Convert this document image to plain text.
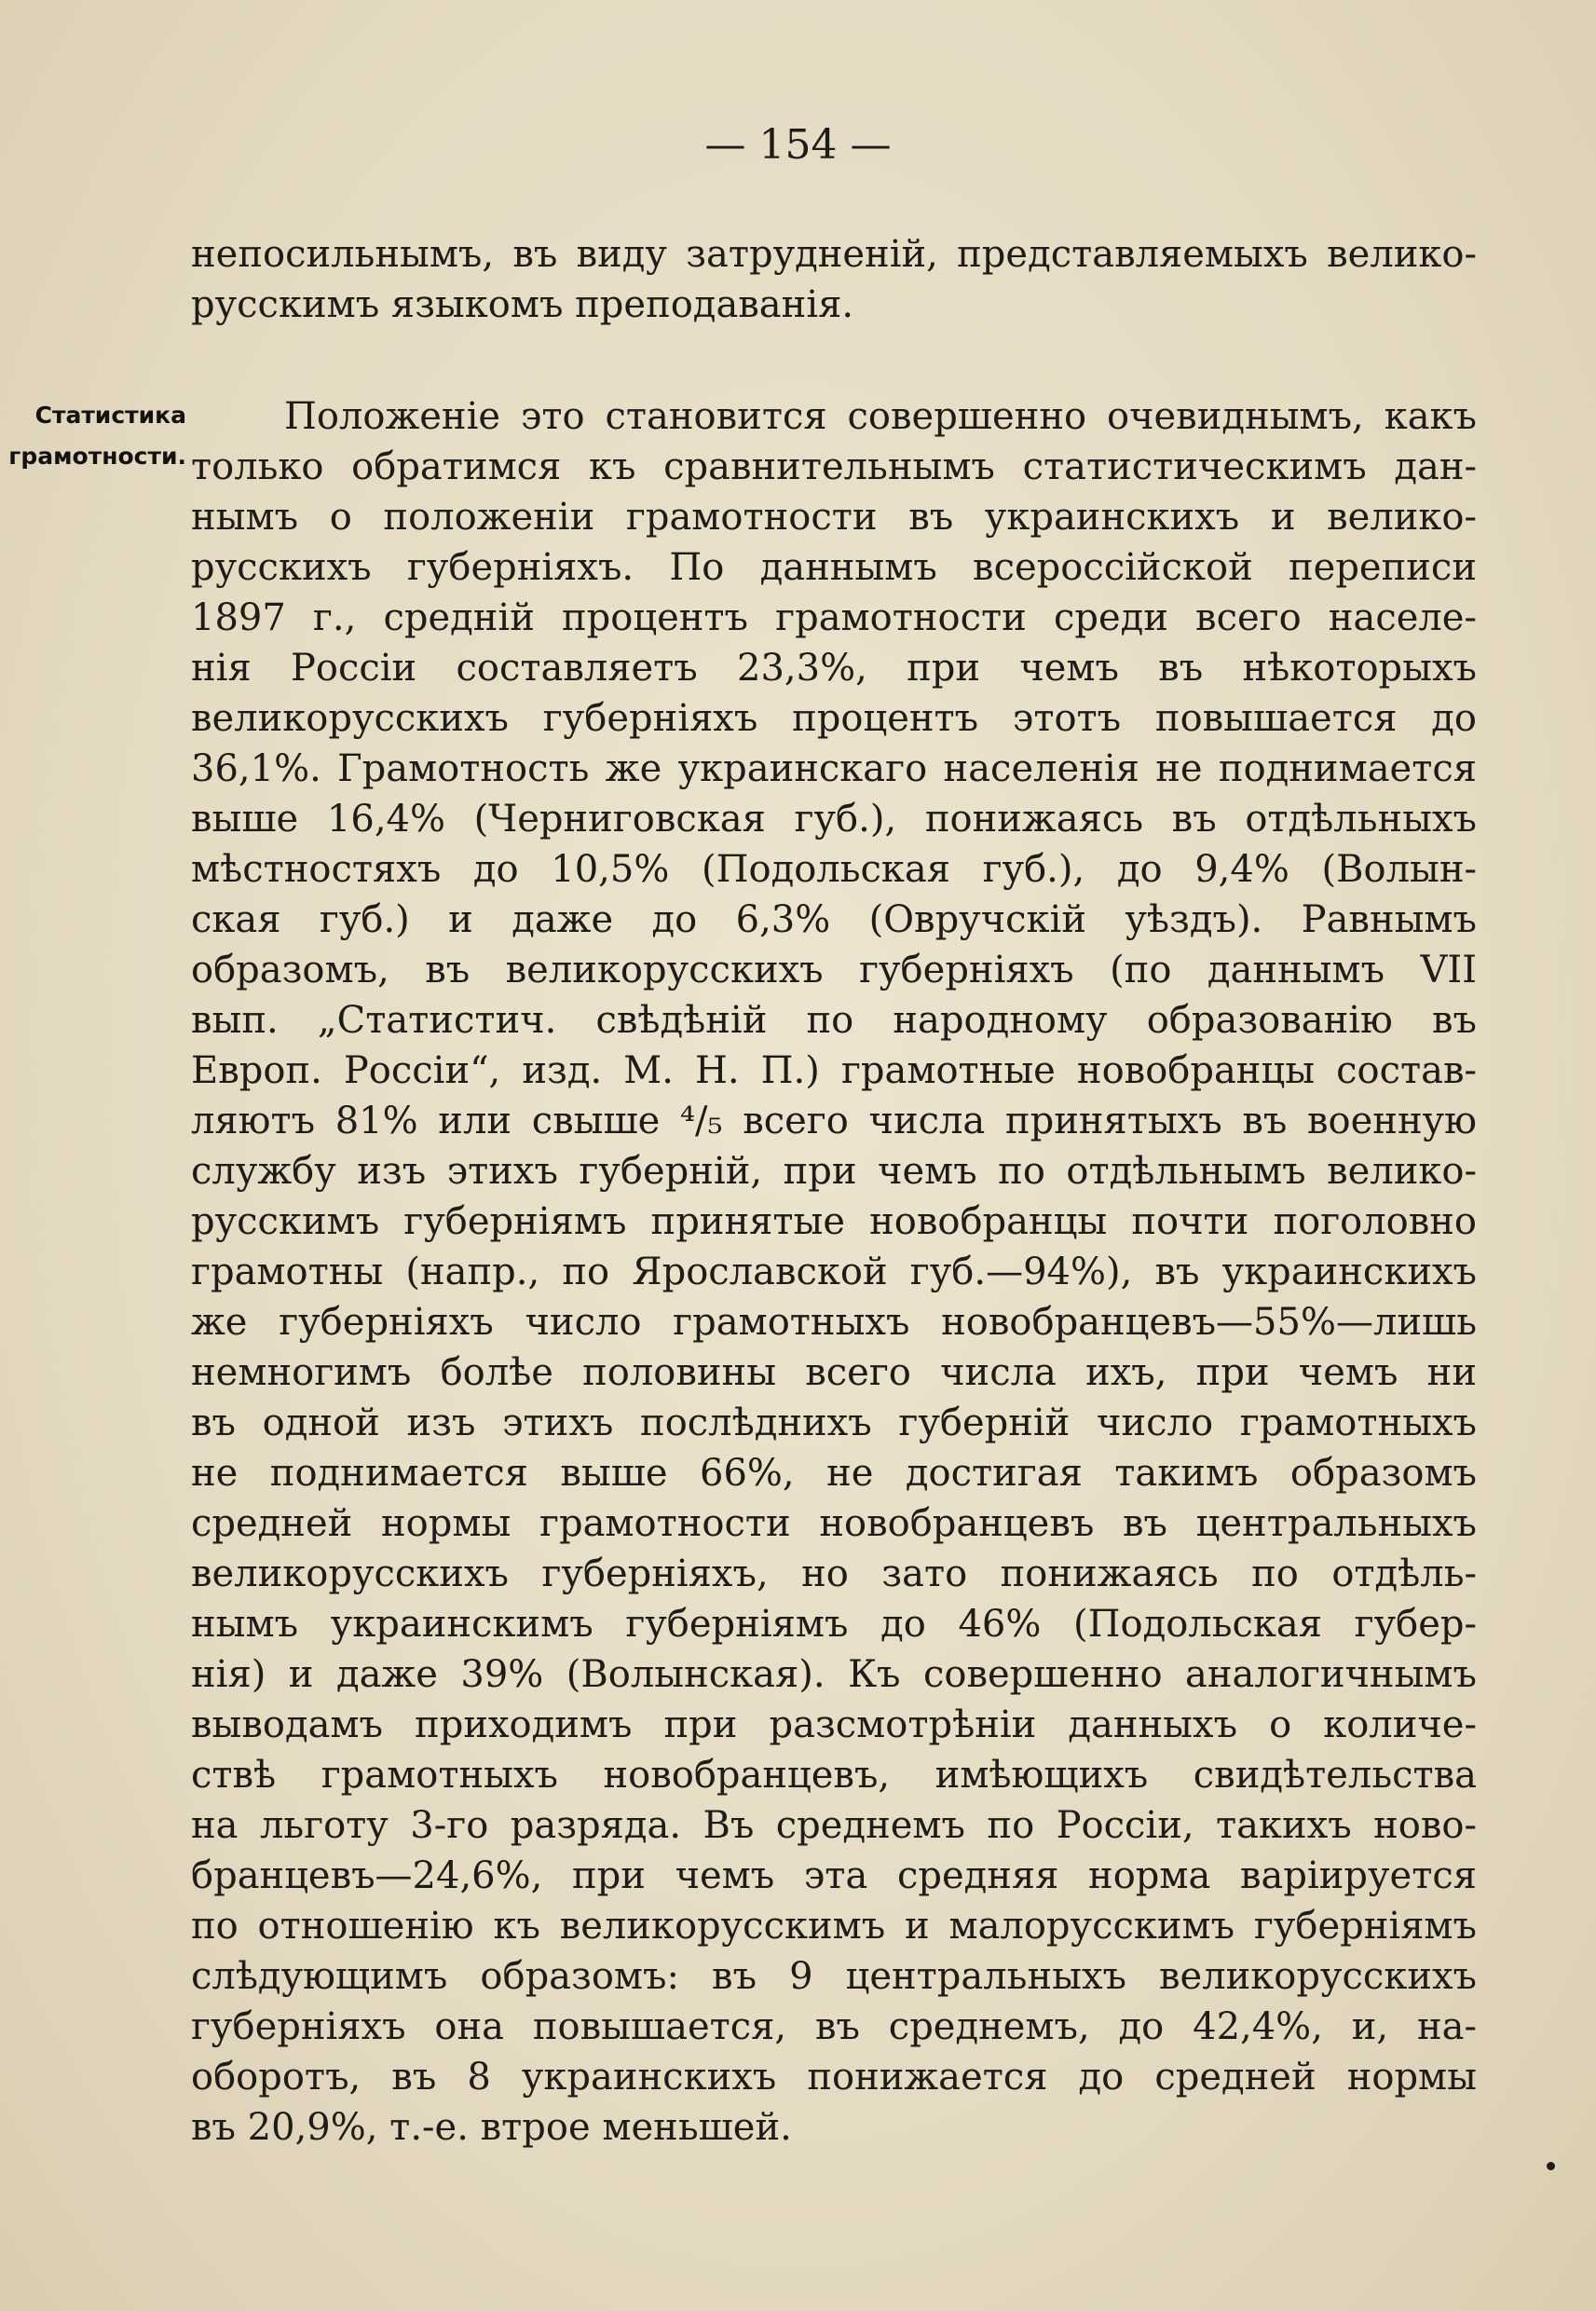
— 154 —
непосильнымъ, въ виду затрудненій, представляемыхъ велико-
русскимъ языкомъ преподаванія.
Статистика
грамотности.
Положеніе это становится совершенно очевиднымъ, какъ
только обратимся къ сравнительнымъ статистическимъ дан-
нымъ о положеніи грамотности въ украинскихъ и велико-
русскихъ губерніяхъ. По даннымъ всероссійской переписи
1897 г., средній процентъ грамотности среди всего населе-
нія Россіи составляетъ 23,3%, при чемъ въ нѣкоторыхъ
великорусскихъ губерніяхъ процентъ этотъ повышается до
36,1%. Грамотность же украинскаго населенія не поднимается
выше 16,4% (Черниговская губ.), понижаясь въ отдѣльныхъ
мѣстностяхъ до 10,5% (Подольская губ.), до 9,4% (Волын-
ская губ.) и даже до 6,3% (Овручскій уѣздъ). Равнымъ
образомъ, въ великорусскихъ губерніяхъ (по даннымъ VII
вып. „Статистич. свѣдѣній по народному образованію въ
Европ. Россіи“, изд. М. Н. П.) грамотные новобранцы состав-
ляютъ 81% или свыше ⁴/₅ всего числа принятыхъ въ военную
службу изъ этихъ губерній, при чемъ по отдѣльнымъ велико-
русскимъ губерніямъ принятые новобранцы почти поголовно
грамотны (напр., по Ярославской губ.—94%), въ украинскихъ
же губерніяхъ число грамотныхъ новобранцевъ—55%—лишь
немногимъ болѣе половины всего числа ихъ, при чемъ ни
въ одной изъ этихъ послѣднихъ губерній число грамотныхъ
не поднимается выше 66%, не достигая такимъ образомъ
средней нормы грамотности новобранцевъ въ центральныхъ
великорусскихъ губерніяхъ, но зато понижаясь по отдѣль-
нымъ украинскимъ губерніямъ до 46% (Подольская губер-
нія) и даже 39% (Волынская). Къ совершенно аналогичнымъ
выводамъ приходимъ при разсмотрѣніи данныхъ о количе-
ствѣ грамотныхъ новобранцевъ, имѣющихъ свидѣтельства
на льготу 3-го разряда. Въ среднемъ по Россіи, такихъ ново-
бранцевъ—24,6%, при чемъ эта средняя норма варіируется
по отношенію къ великорусскимъ и малорусскимъ губерніямъ
слѣдующимъ образомъ: въ 9 центральныхъ великорусскихъ
губерніяхъ она повышается, въ среднемъ, до 42,4%, и, на-
оборотъ, въ 8 украинскихъ понижается до средней нормы
въ 20,9%, т.-е. втрое меньшей.
